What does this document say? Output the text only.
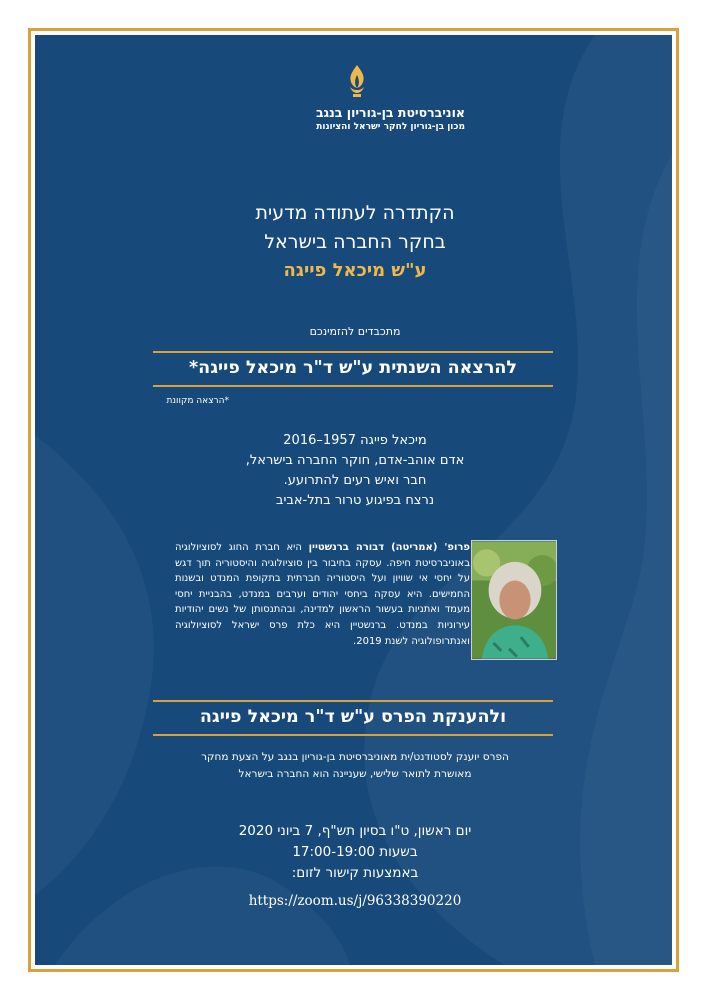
אוניברסיטת בן-גוריון בנגב
מכון בן-גוריון לחקר ישראל והציונות
הקתדרה לעתודה מדעית
בחקר החברה בישראל
ע"ש מיכאל פייגה
מתכבדים להזמינכם
להרצאה השנתית ע"ש ד"ר מיכאל פייגה*
*הרצאה מקוונת
מיכאל פייגה 1957–2016
אדם אוהב-אדם, חוקר החברה בישראל,
חבר ואיש רעים להתרועע.
נרצח בפיגוע טרור בתל-אביב
פרופ' (אמריטה) דבורה ברנשטיין היא חברת החוג לסוציולוגיה באוניברסיטת חיפה. עסקה בחיבור בין סוציולוגיה והיסטוריה תוך דגש על יחסי אי שוויון ועל היסטוריה חברתית בתקופת המנדט ובשנות החמישים. היא עסקה ביחסי יהודים וערבים במנדט, בהבניית יחסי מעמד ואתניות בעשור הראשון למדינה, ובהתנסותן של נשים יהודיות עירוניות במנדט. ברנשטיין היא כלת פרס ישראל לסוציולוגיה ואנתרופולוגיה לשנת 2019.
ולהענקת הפרס ע"ש ד"ר מיכאל פייגה
הפרס יוענק לסטודנט/ית מאוניברסיטת בן-גוריון בנגב על הצעת מחקר
מאושרת לתואר שלישי, שעניינה הוא החברה בישראל
יום ראשון, ט"ו בסיון תש"ף, 7 ביוני 2020
בשעות 17:00-19:00
באמצעות קישור לזום:
https://zoom.us/j/96338390220
